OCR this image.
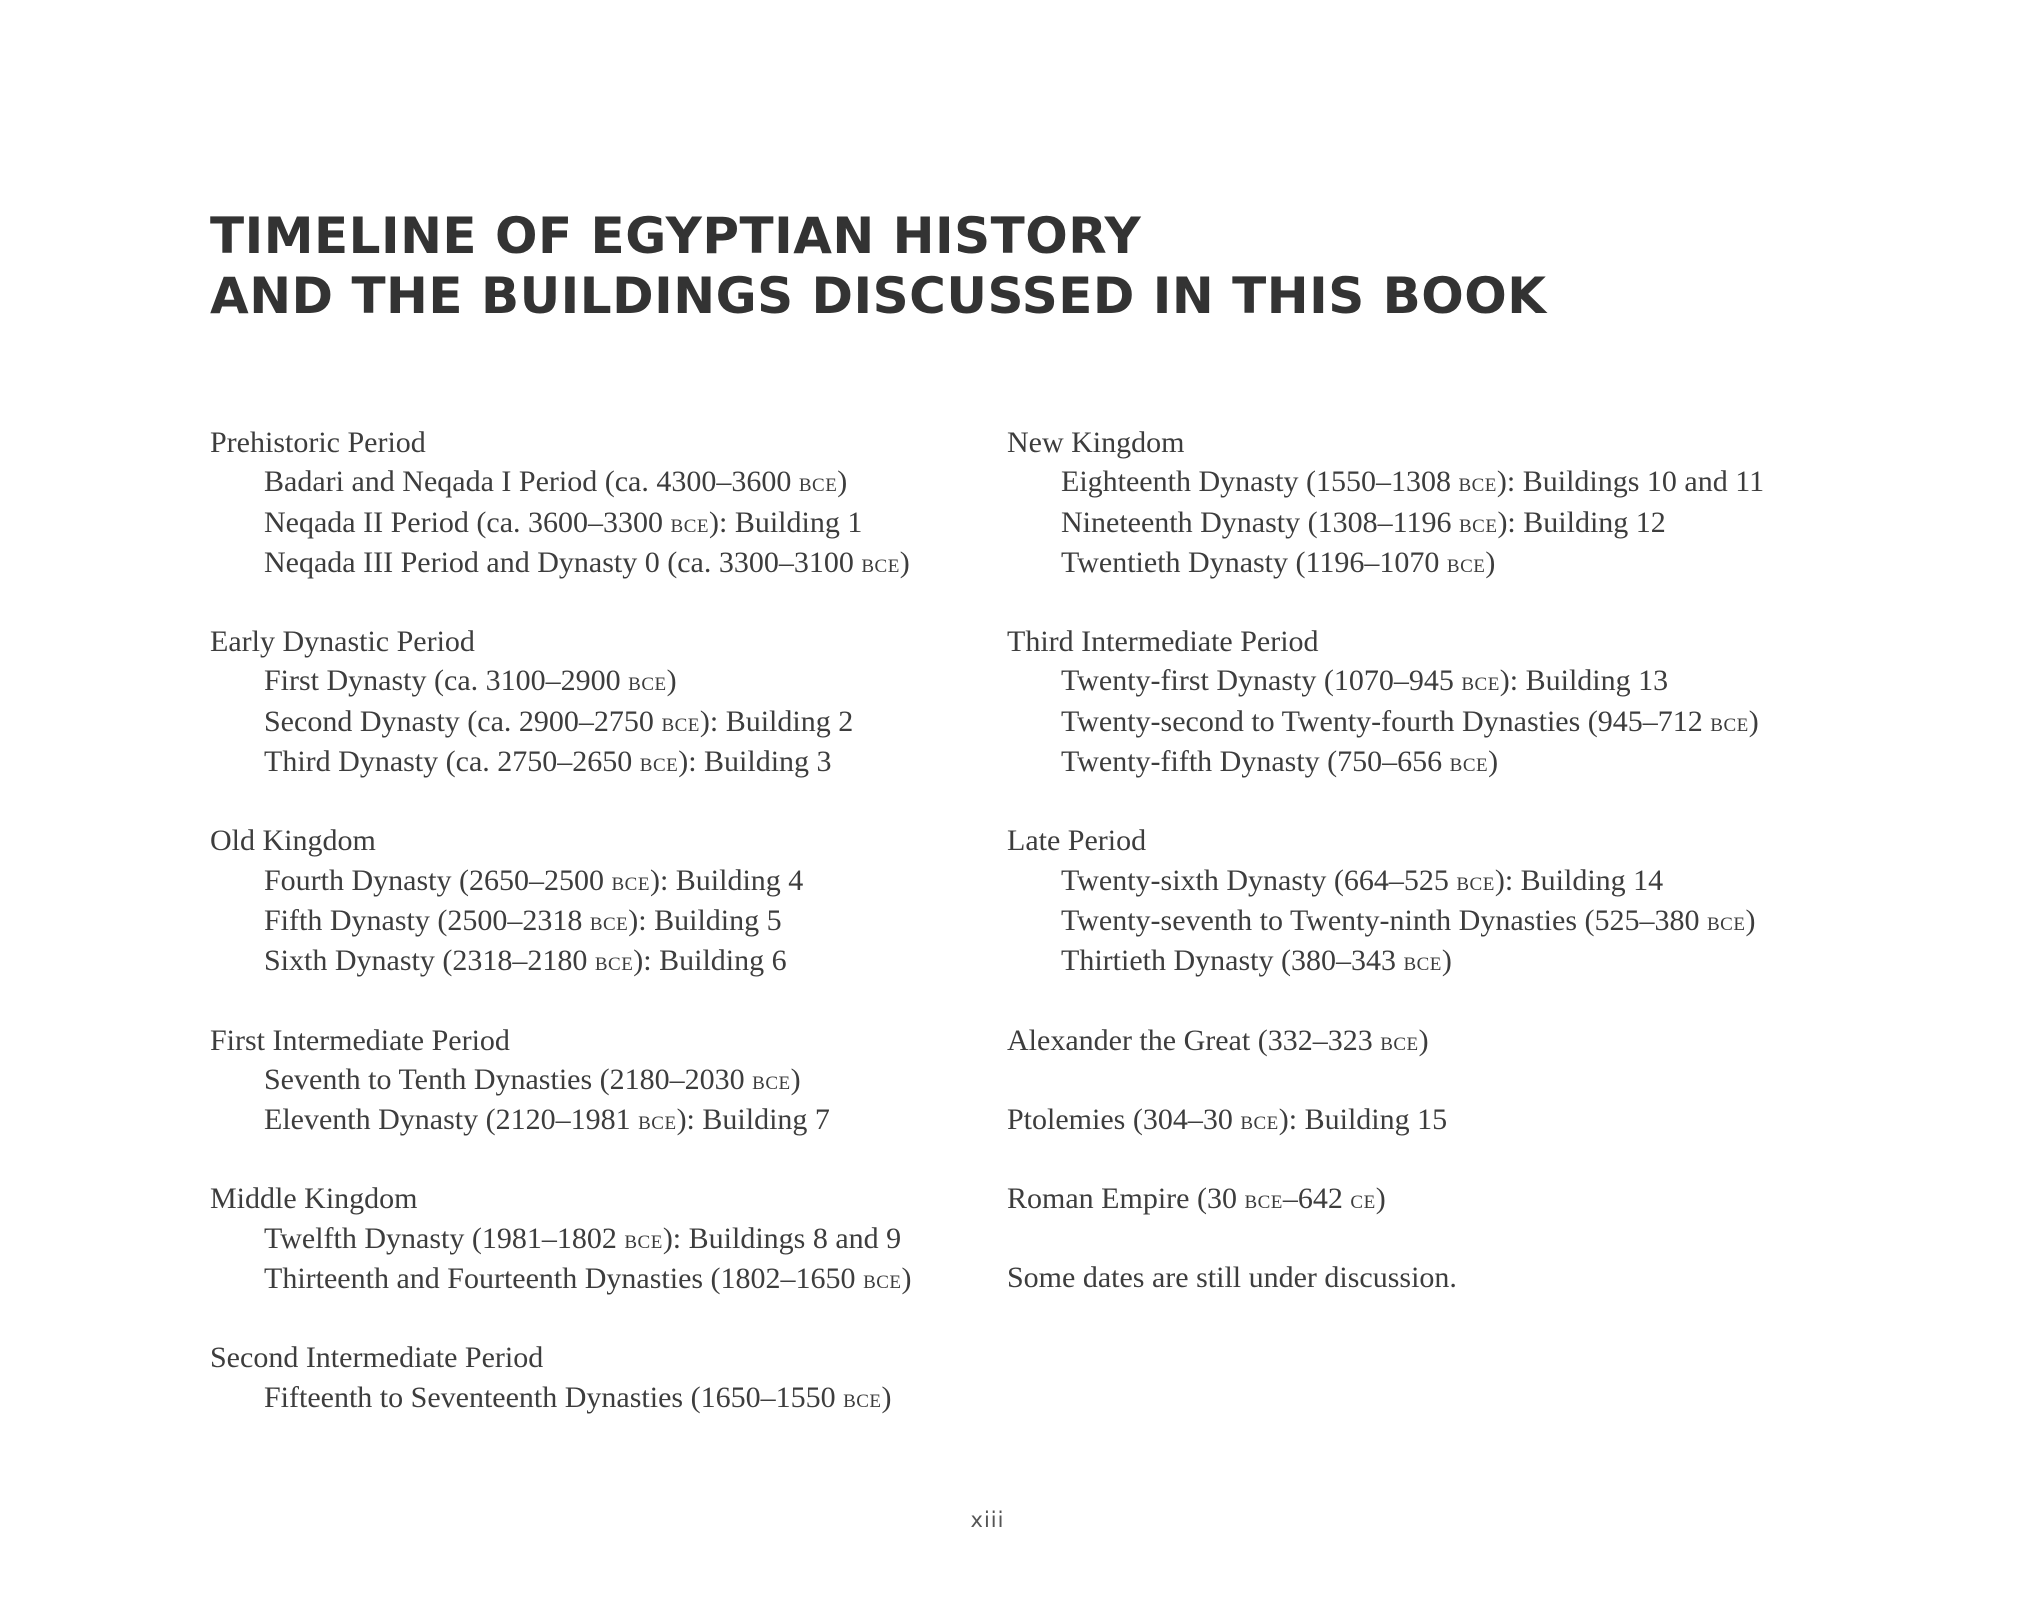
TIMELINE OF EGYPTIAN HISTORY
AND THE BUILDINGS DISCUSSED IN THIS BOOK
Prehistoric Period
Badari and Neqada I Period (ca. 4300–3600 bce)
Neqada II Period (ca. 3600–3300 bce): Building 1
Neqada III Period and Dynasty 0 (ca. 3300–3100 bce)
Early Dynastic Period
First Dynasty (ca. 3100–2900 bce)
Second Dynasty (ca. 2900–2750 bce): Building 2
Third Dynasty (ca. 2750–2650 bce): Building 3
Old Kingdom
Fourth Dynasty (2650–2500 bce): Building 4
Fifth Dynasty (2500–2318 bce): Building 5
Sixth Dynasty (2318–2180 bce): Building 6
First Intermediate Period
Seventh to Tenth Dynasties (2180–2030 bce)
Eleventh Dynasty (2120–1981 bce): Building 7
Middle Kingdom
Twelfth Dynasty (1981–1802 bce): Buildings 8 and 9
Thirteenth and Fourteenth Dynasties (1802–1650 bce)
Second Intermediate Period
Fifteenth to Seventeenth Dynasties (1650–1550 bce)
New Kingdom
Eighteenth Dynasty (1550–1308 bce): Buildings 10 and 11
Nineteenth Dynasty (1308–1196 bce): Building 12
Twentieth Dynasty (1196–1070 bce)
Third Intermediate Period
Twenty-first Dynasty (1070–945 bce): Building 13
Twenty-second to Twenty-fourth Dynasties (945–712 bce)
Twenty-fifth Dynasty (750–656 bce)
Late Period
Twenty-sixth Dynasty (664–525 bce): Building 14
Twenty-seventh to Twenty-ninth Dynasties (525–380 bce)
Thirtieth Dynasty (380–343 bce)
Alexander the Great (332–323 bce)
Ptolemies (304–30 bce): Building 15
Roman Empire (30 bce–642 ce)
Some dates are still under discussion.
xiii
